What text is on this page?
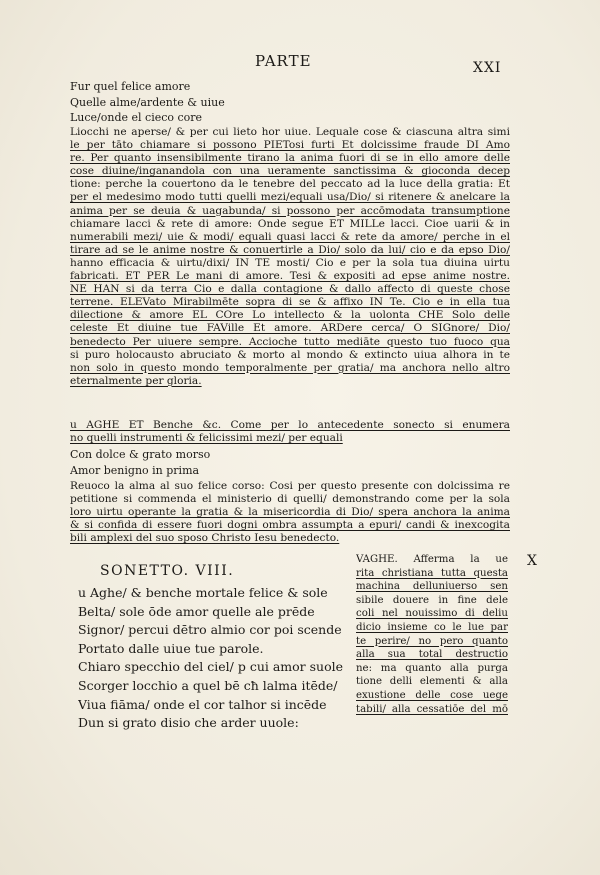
PARTE	XXI
Fur quel felice amore
Quelle alme/ardente & uiue
Luce/onde el cieco core
Liocchi ne aperse/ & per cui lieto hor uiue. Lequale cose & ciascuna altra simi
le per tāto chiamare si possono PIETosi furti Et dolcissime fraude DI Amo
re. Per quanto insensibilmente tirano la anima fuori di se in ello amore delle
cose diuine/inganandola con una ueramente sanctissima & gioconda decep
tione: perche la couertono da le tenebre del peccato ad la luce della gratia: Et
per el medesimo modo tutti quelli mezi/equali usa/Dio/ si ritenere & anelcare la
anima per se deuia & uagabunda/ si possono per accōmodata transumptione
chiamare lacci & rete di amore: Onde segue ET MILLe lacci. Cioe uarii & in
numerabili mezi/ uie & modi/ equali quasi lacci & rete da amore/ perche in el
tirare ad se le anime nostre & conuertirle a Dio/ solo da lui/ cio e da epso Dio/
hanno efficacia & uirtu/dixi/ IN TE mosti/ Cio e per la sola tua diuina uirtu
fabricati. ET PER Le mani di amore. Tesi & expositi ad epse anime nostre.
NE HAN si da terra Cio e dalla contagione & dallo affecto di queste chose
terrene. ELEVato Mirabilmēte sopra di se & affixo IN Te. Cio e in ella tua
dilectione & amore EL COre Lo intellecto & la uolonta CHE Solo delle
celeste Et diuine tue FAVille Et amore. ARDere cerca/ O SIGnore/ Dio/
benedecto Per uiuere sempre. Accioche tutto mediāte questo tuo fuoco qua
si puro holocausto abruciato & morto al mondo & extincto uiua alhora in te
non solo in questo mondo temporalmente per gratia/ ma anchora nello altro
eternalmente per gloria.
u AGHE ET Benche &c. Come per lo antecedente sonecto si enumera
no quelli instrumenti & felicissimi mezi/ per equali
Con dolce & grato morso
Amor benigno in prima
Reuoco la alma al suo felice corso: Cosi per questo presente con dolcissima re
petitione si commenda el ministerio di quelli/ demonstrando come per la sola
loro uirtu operante la gratia & la misericordia di Dio/ spera anchora la anima
& si confida di essere fuori dogni ombra assumpta a epuri/ candi & inexcogita
bili amplexi del suo sposo Christo Iesu benedecto.
SONETTO. VIII.
u Aghe/ & benche mortale felice & sole
Belta/ sole ōde amor quelle ale prēde
Signor/ percui dētro almio cor poi scende
Portato dalle uiue tue parole.
Chiaro specchio del ciel/ p cui amor suole
Scorger locchio a quel bē cħ lalma itēde/
Viua fiāma/ onde el cor talhor si incēde
Dun si grato disio che arder uuole:
VAGHE. Afferma la ue
rita christiana tutta questa
machina delluniuerso sen
sibile douere in fine dele
coli nel nouissimo di deliu
dicio insieme co le lue par
te perire/ no pero quanto
alla sua total destructio
ne: ma quanto alla purga
tione delli elementi & alla
exustione delle cose uege
tabili/ alla cessatiōe del mō
X
